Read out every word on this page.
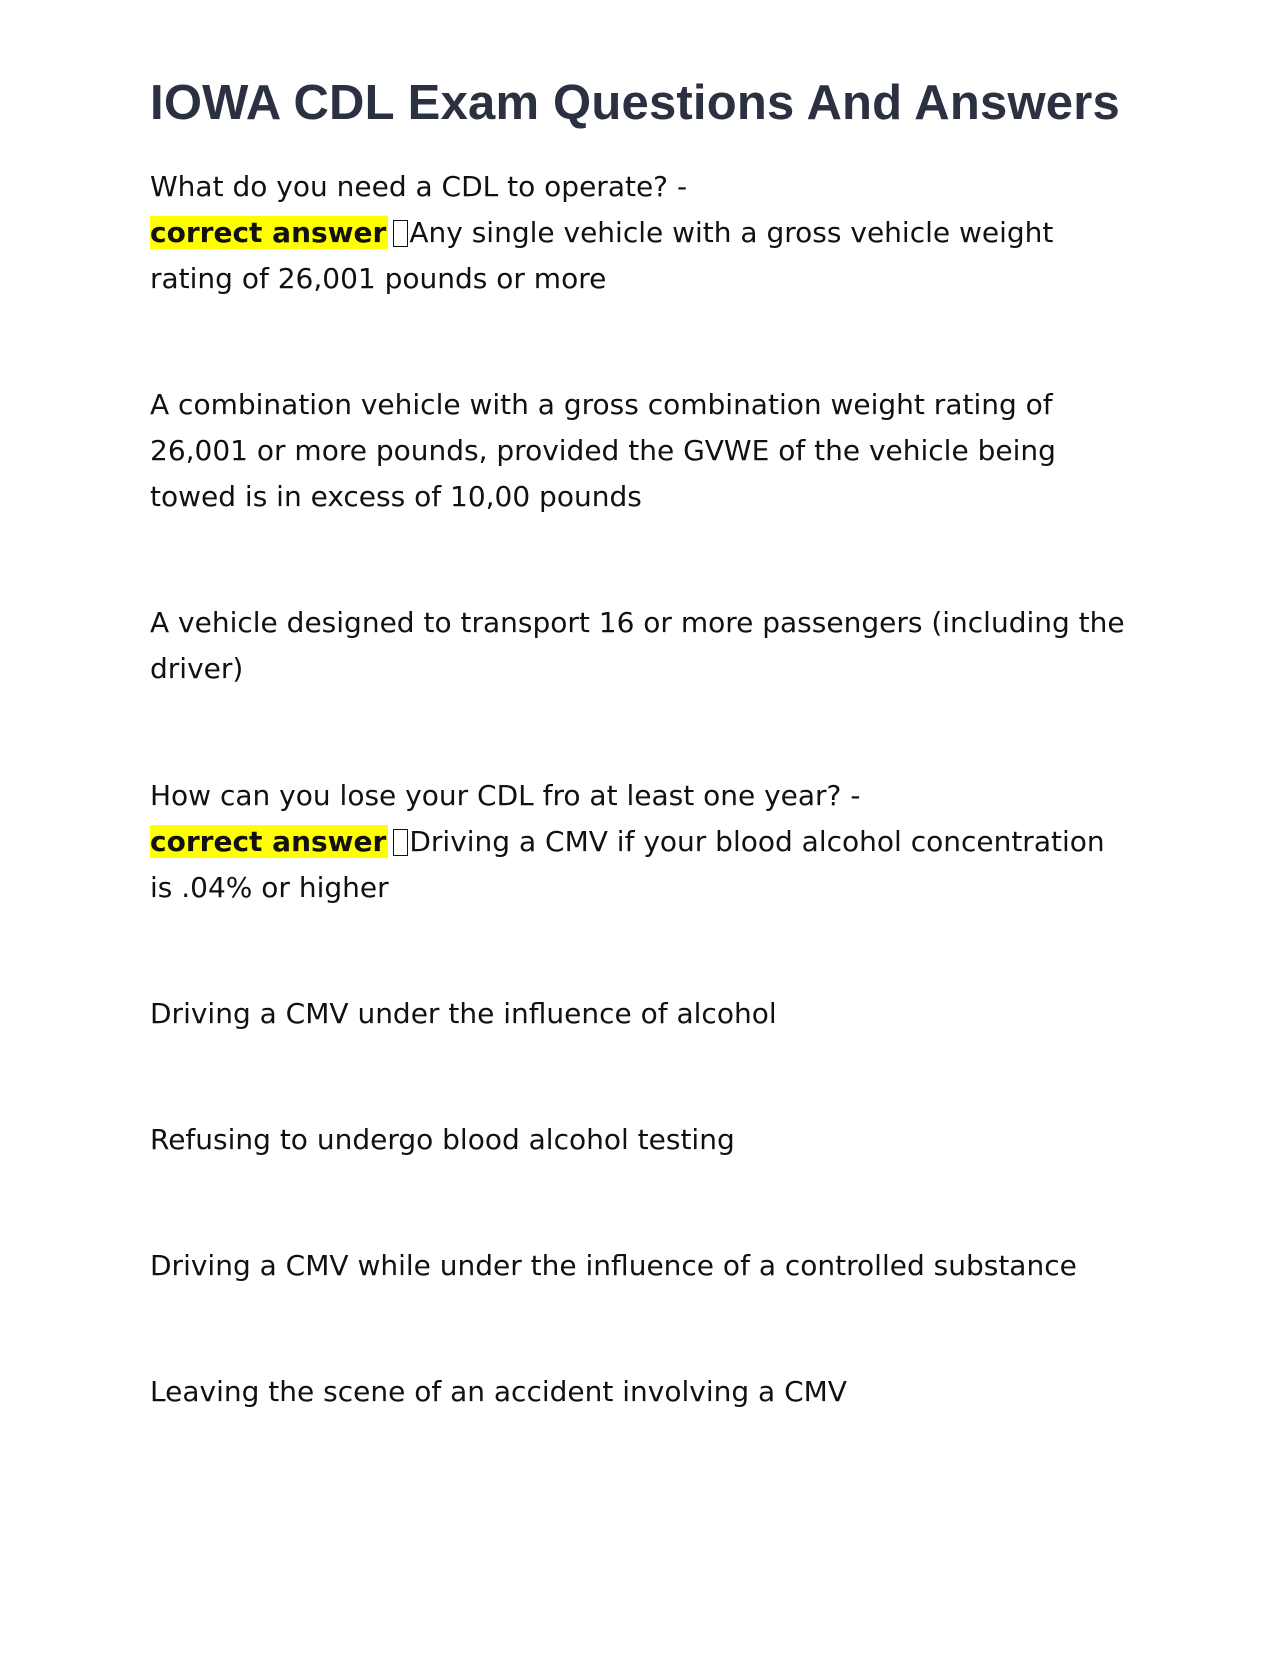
IOWA CDL Exam Questions And Answers

What do you need a CDL to operate? -
correct answer Any single vehicle with a gross vehicle weight rating of 26,001 pounds or more

A combination vehicle with a gross combination weight rating of 26,001 or more pounds, provided the GVWE of the vehicle being towed is in excess of 10,00 pounds

A vehicle designed to transport 16 or more passengers (including the driver)

How can you lose your CDL fro at least one year? -
correct answer Driving a CMV if your blood alcohol concentration is .04% or higher

Driving a CMV under the influence of alcohol

Refusing to undergo blood alcohol testing

Driving a CMV while under the influence of a controlled substance

Leaving the scene of an accident involving a CMV
